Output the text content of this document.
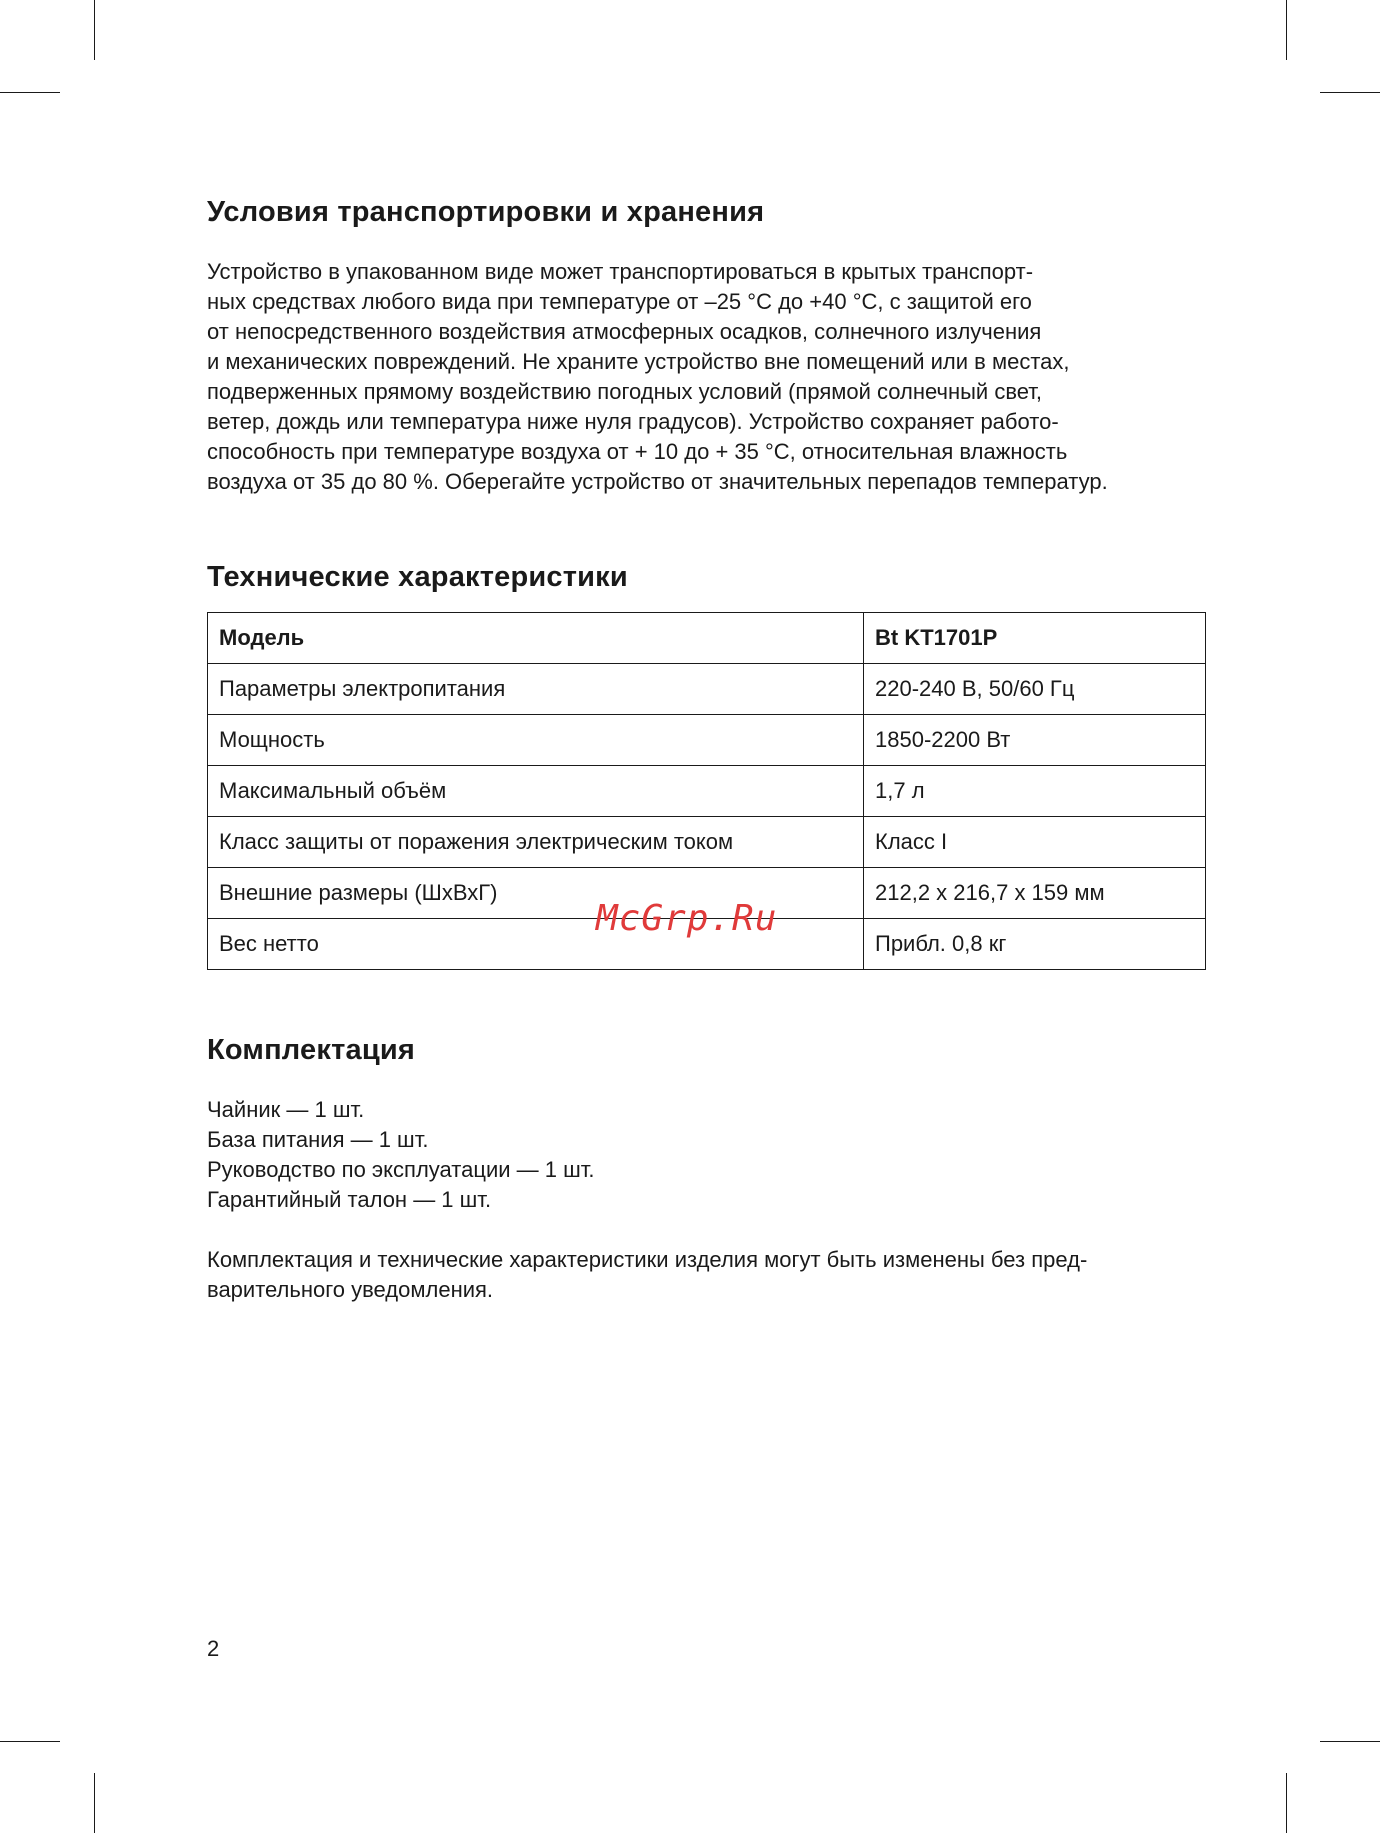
Условия транспортировки и хранения

Устройство в упакованном виде может транспортироваться в крытых транспорт-
ных средствах любого вида при температуре от –25 °C до +40 °C, с защитой его
от непосредственного воздействия атмосферных осадков, солнечного излучения
и механических повреждений. Не храните устройство вне помещений или в местах,
подверженных прямому воздействию погодных условий (прямой солнечный свет,
ветер, дождь или температура ниже нуля градусов). Устройство сохраняет работо-
способность при температуре воздуха от + 10 до + 35 °C, относительная влажность
воздуха от 35 до 80 %. Оберегайте устройство от значительных перепадов температур.

Технические характеристики
Модель	Bt KT1701P
Параметры электропитания	220-240 В, 50/60 Гц
Мощность	1850-2200 Вт
Максимальный объём	1,7 л
Класс защиты от поражения электрическим током	Класс I
Внешние размеры (ШхВхГ)	212,2 x 216,7 x 159 мм
Вес нетто	Прибл. 0,8 кг
Комплектация

Чайник — 1 шт.
База питания — 1 шт.
Руководство по эксплуатации — 1 шт.
Гарантийный талон — 1 шт.

Комплектация и технические характеристики изделия могут быть изменены без пред-
варительного уведомления.

McGrp.Ru
2
